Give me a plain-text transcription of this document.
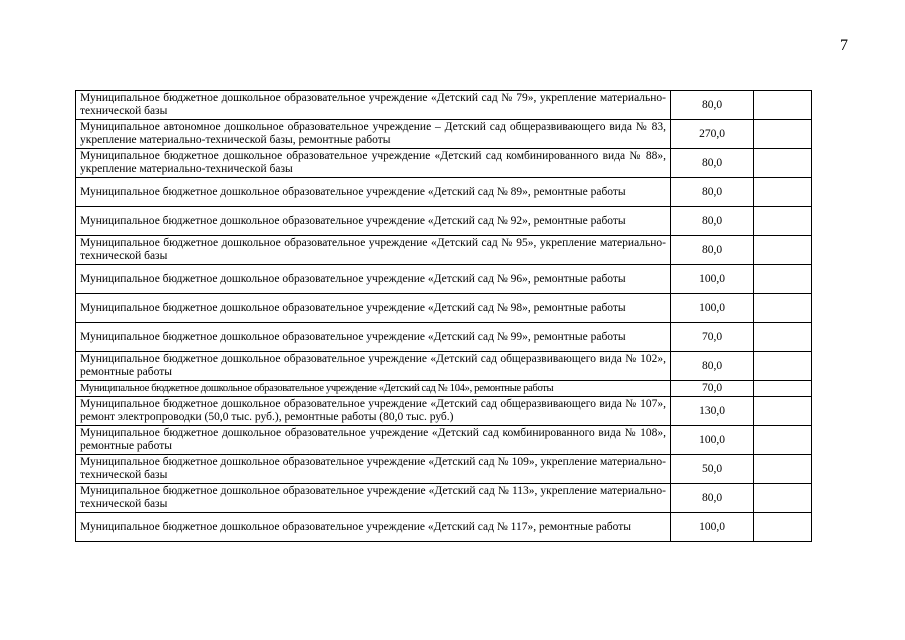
7
Муниципальное бюджетное дошкольное образовательное учреждение «Детский сад № 79», укрепление материально-технической базы	80,0	
Муниципальное автономное дошкольное образовательное учреждение – Детский сад общеразвивающего вида № 83, укрепление материально-технической базы, ремонтные работы	270,0	
Муниципальное бюджетное дошкольное образовательное учреждение «Детский сад комбинированного вида № 88», укрепление материально-технической базы	80,0	
Муниципальное бюджетное дошкольное образовательное учреждение «Детский сад № 89», ремонтные работы	80,0	
Муниципальное бюджетное дошкольное образовательное учреждение «Детский сад № 92», ремонтные работы	80,0	
Муниципальное бюджетное дошкольное образовательное учреждение «Детский сад № 95», укрепление материально-технической базы	80,0	
Муниципальное бюджетное дошкольное образовательное учреждение «Детский сад № 96», ремонтные работы	100,0	
Муниципальное бюджетное дошкольное образовательное учреждение «Детский сад № 98», ремонтные работы	100,0	
Муниципальное бюджетное дошкольное образовательное учреждение «Детский сад № 99», ремонтные работы	70,0	
Муниципальное бюджетное дошкольное образовательное учреждение «Детский сад общеразвивающего вида № 102», ремонтные работы	80,0	
Муниципальное бюджетное дошкольное образовательное учреждение «Детский сад № 104», ремонтные работы	70,0	
Муниципальное бюджетное дошкольное образовательное учреждение «Детский сад общеразвивающего вида № 107», ремонт электропроводки (50,0 тыс. руб.), ремонтные работы (80,0 тыс. руб.)	130,0	
Муниципальное бюджетное дошкольное образовательное учреждение «Детский сад комбинированного вида № 108», ремонтные работы	100,0	
Муниципальное бюджетное дошкольное образовательное учреждение «Детский сад № 109», укрепление материально-технической базы	50,0	
Муниципальное бюджетное дошкольное образовательное учреждение «Детский сад № 113», укрепление материально-технической базы	80,0	
Муниципальное бюджетное дошкольное образовательное учреждение «Детский сад № 117», ремонтные работы	100,0	
